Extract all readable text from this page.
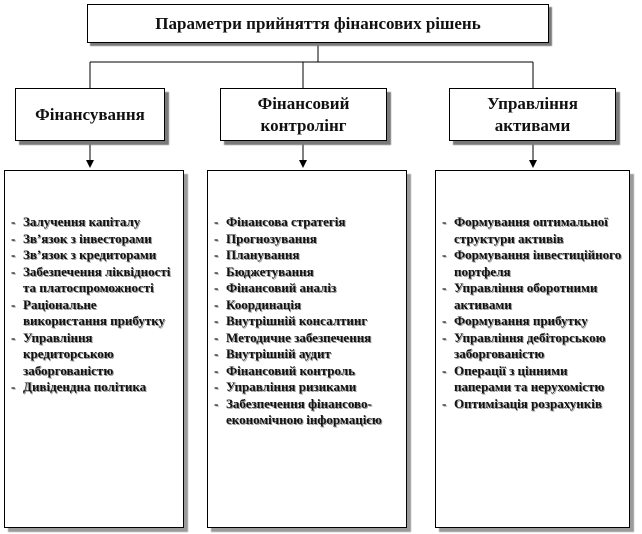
Параметри прийняття фінансових рішень
Фінансування
Фінансовий
контролінг
Управління
активами
- Залучення капіталу
- Зв’язок з інвесторами
- Зв’язок з кредиторами
- Забезпечення ліквідності та платоспроможності
- Раціональне використання прибутку
- Управління кредиторською заборгованістю
- Дивідендна політика
- Фінансова стратегія
- Прогнозування
- Планування
- Бюджетування
- Фінансовий аналіз
- Координація
- Внутрішній консалтинг
- Методичне забезпечення
- Внутрішній аудит
- Фінансовий контроль
- Управління ризиками
- Забезпечення фінансово-економічною інформацією
- Формування оптимальної структури активів
- Формування інвестиційного портфеля
- Управління оборотними активами
- Формування прибутку
- Управління дебіторською заборгованістю
- Операції з цінними паперами та нерухомістю
- Оптимізація розрахунків
